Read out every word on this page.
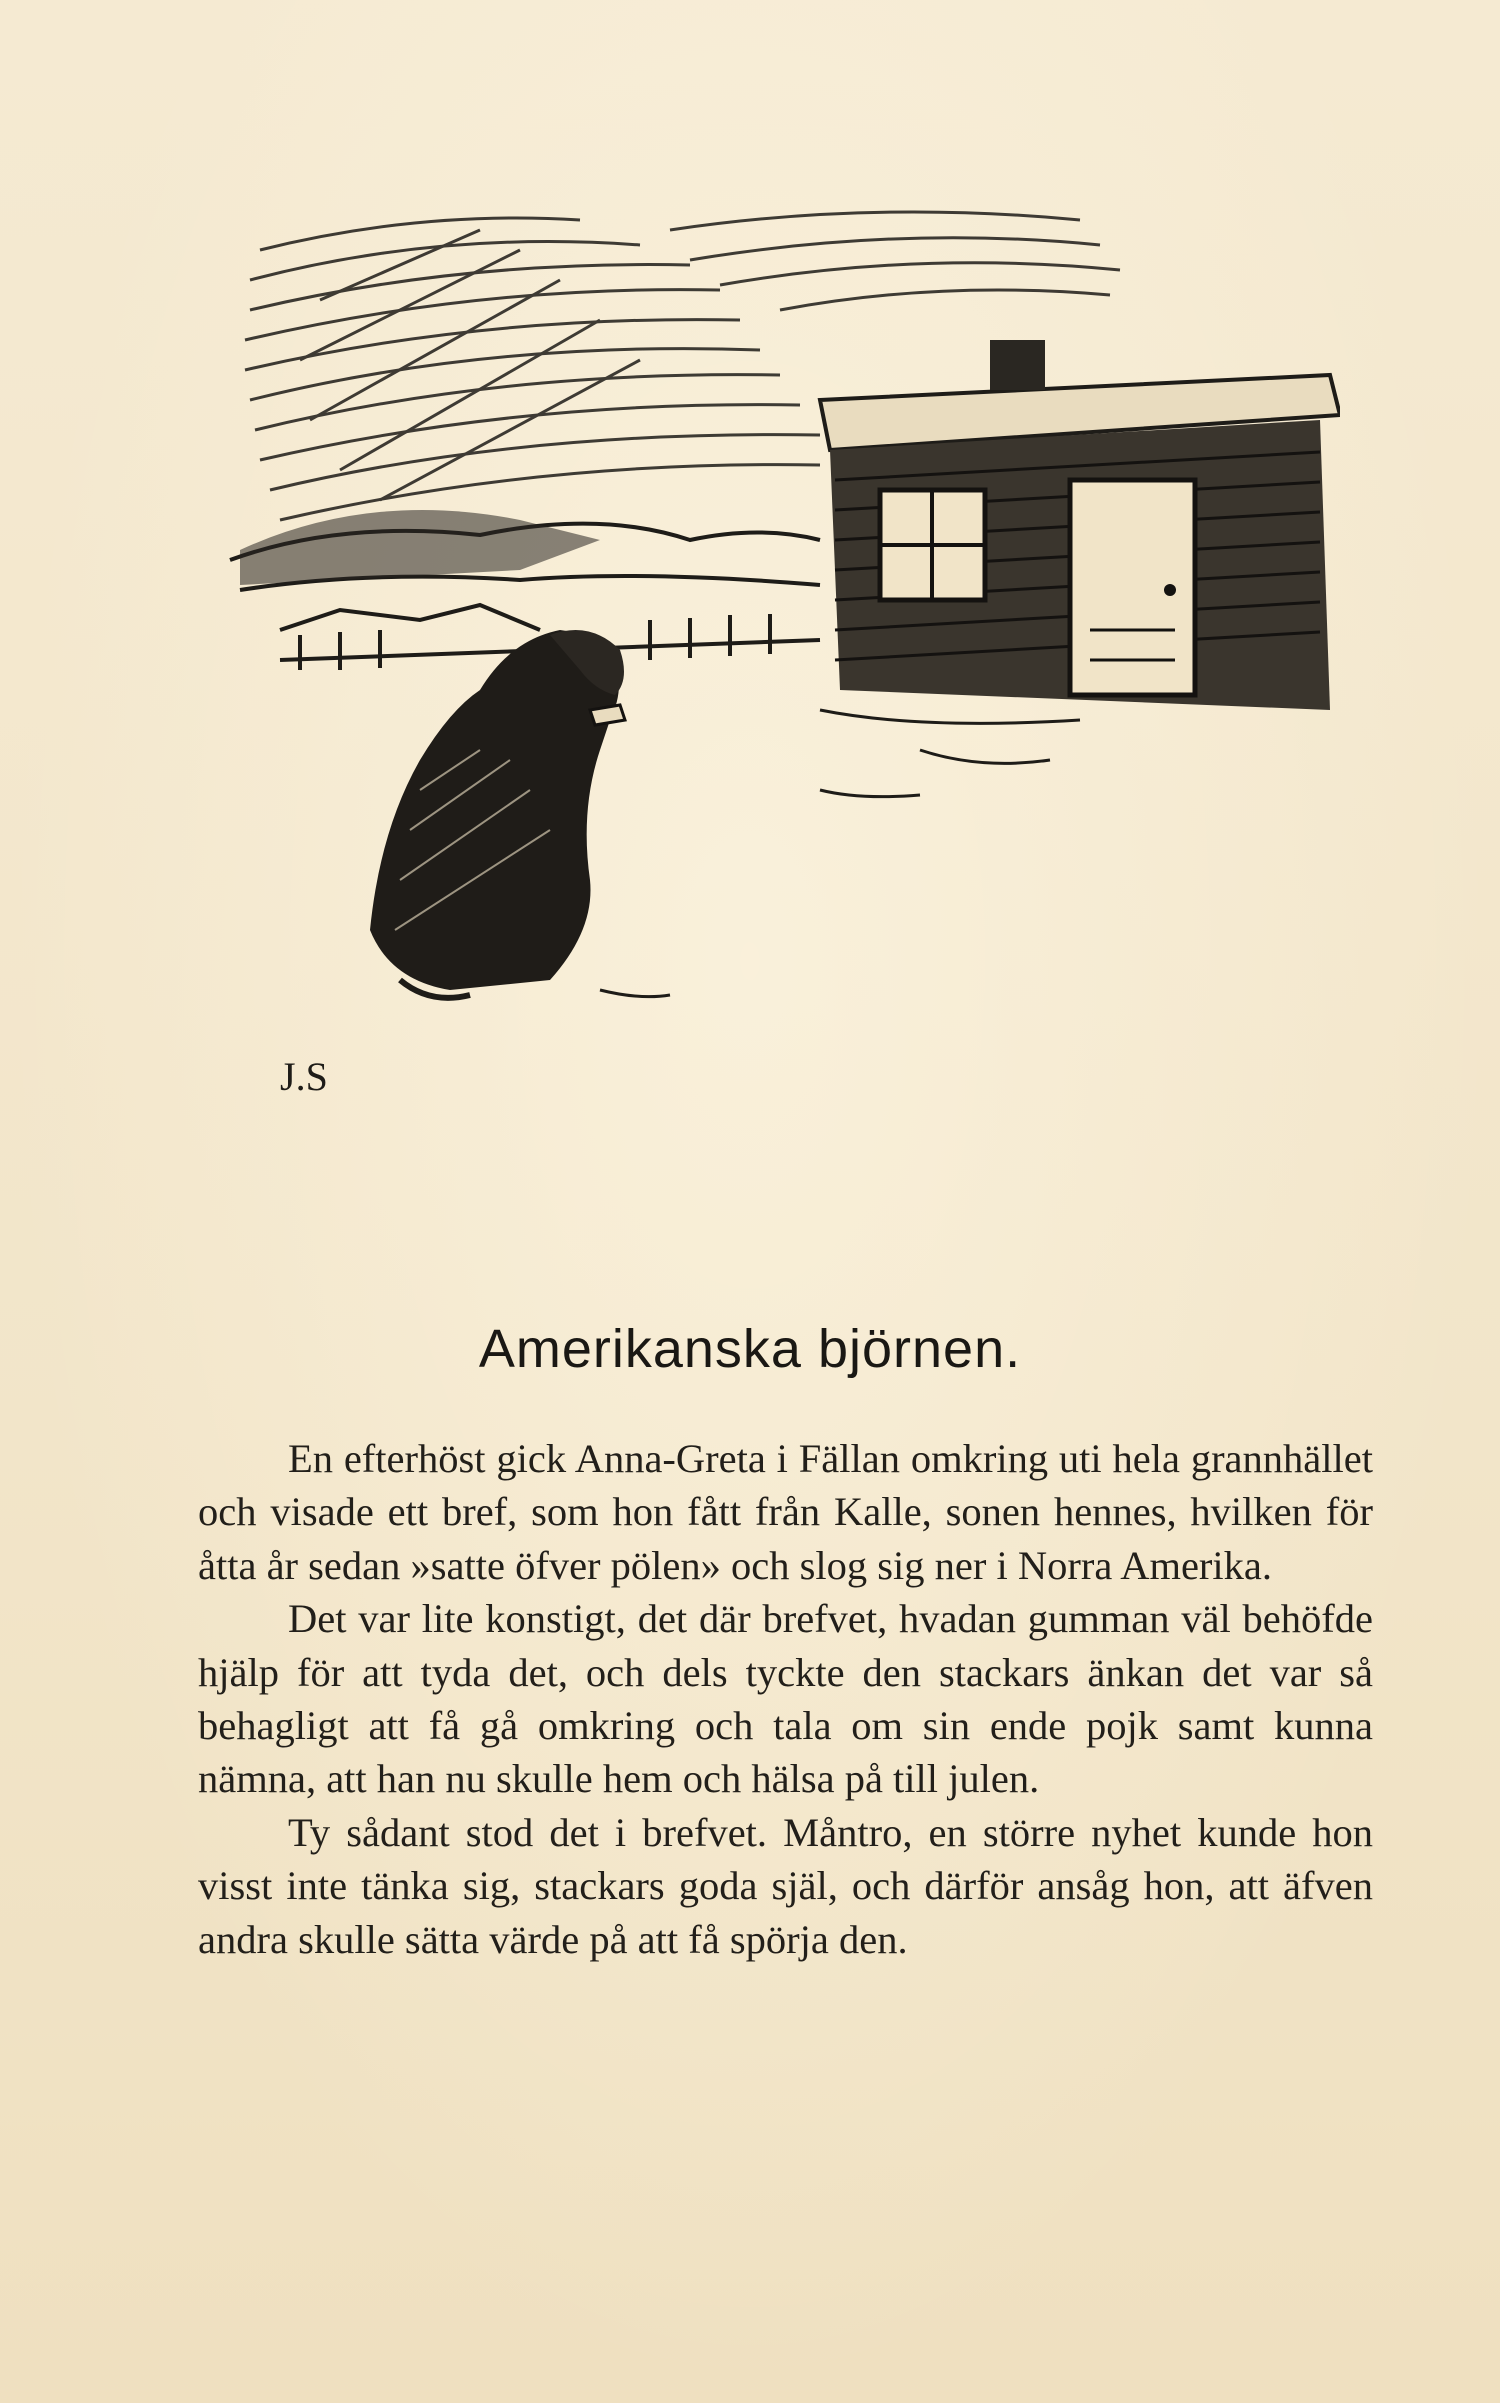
J.S
Amerikanska björnen.

En efterhöst gick Anna-Greta i Fällan omkring uti hela grannhället och visade ett bref, som hon fått från Kalle, sonen hennes, hvilken för åtta år sedan »satte öfver pölen» och slog sig ner i Norra Amerika.

Det var lite konstigt, det där brefvet, hvadan gumman väl behöfde hjälp för att tyda det, och dels tyckte den stackars änkan det var så behagligt att få gå omkring och tala om sin ende pojk samt kunna nämna, att han nu skulle hem och hälsa på till julen.

Ty sådant stod det i brefvet. Måntro, en större nyhet kunde hon visst inte tänka sig, stackars goda själ, och därför ansåg hon, att äfven andra skulle sätta värde på att få spörja den.
